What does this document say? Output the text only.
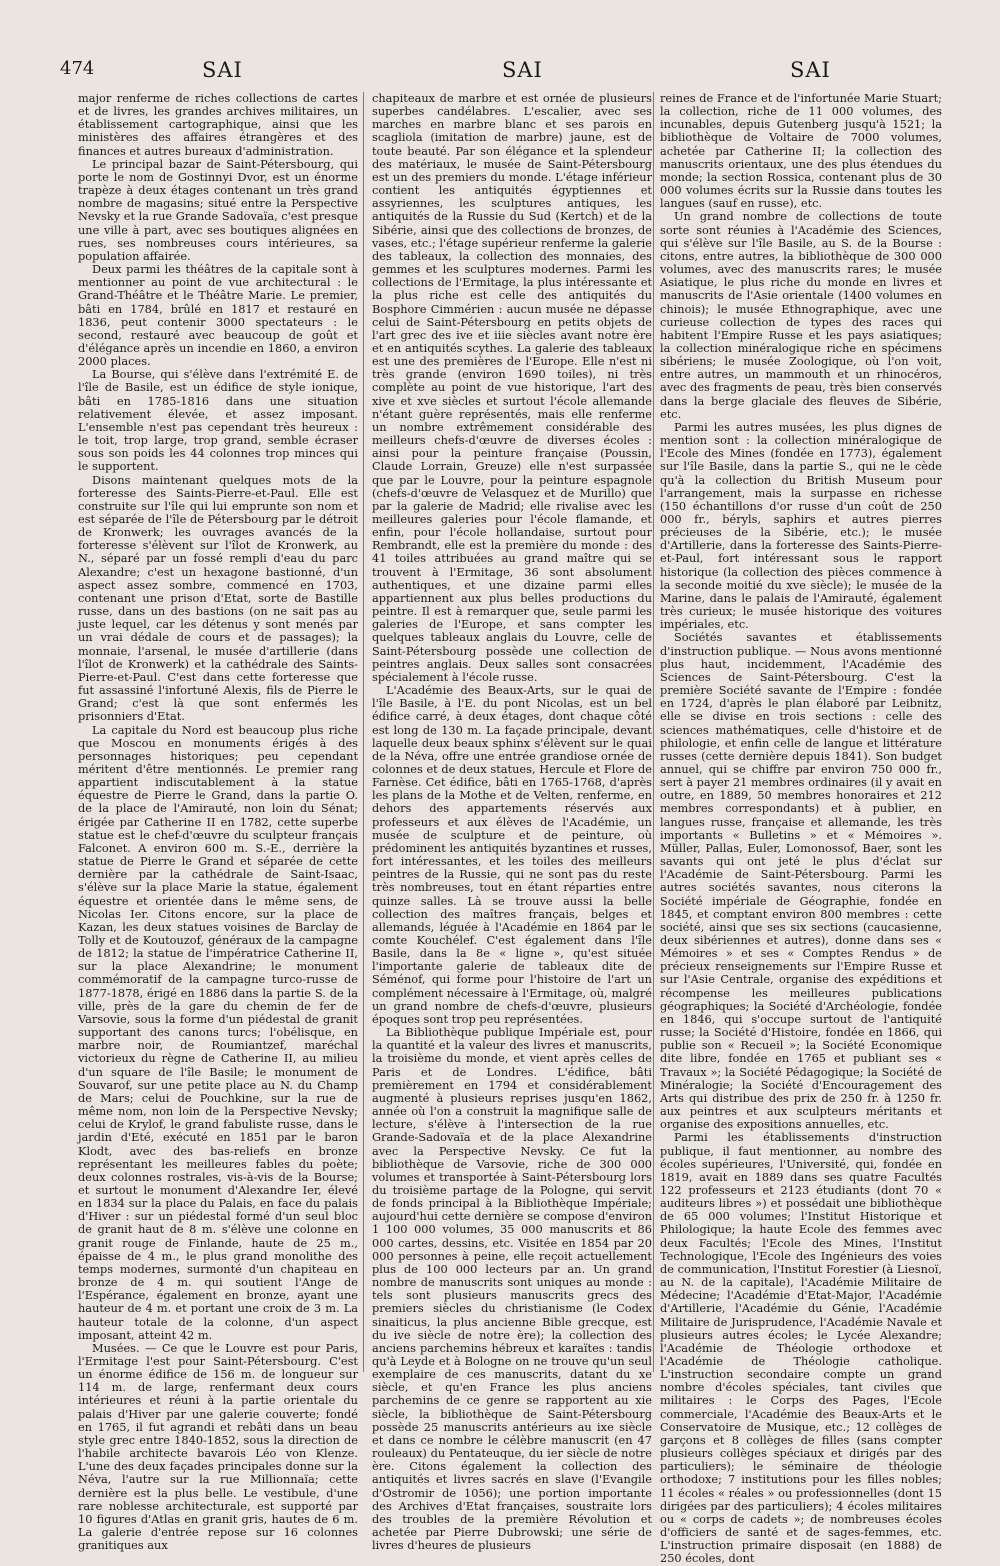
474	SAI	SAI	SAI

major renferme de riches collections de cartes et de livres, les grandes archives militaires, un établissement cartographique, ainsi que les ministères des affaires étrangères et des finances et autres bureaux d'administration.

Le principal bazar de Saint-Pétersbourg, qui porte le nom de Gostinnyi Dvor, est un énorme trapèze à deux étages contenant un très grand nombre de magasins; situé entre la Perspective Nevsky et la rue Grande Sadovaïa, c'est presque une ville à part, avec ses boutiques alignées en rues, ses nombreuses cours intérieures, sa population affairée.

Deux parmi les théâtres de la capitale sont à mentionner au point de vue architectural : le Grand-Théâtre et le Théâtre Marie. Le premier, bâti en 1784, brûlé en 1817 et restauré en 1836, peut contenir 3000 spectateurs : le second, restauré avec beaucoup de goût et d'élégance après un incendie en 1860, a environ 2000 places.

La Bourse, qui s'élève dans l'extrémité E. de l'île de Basile, est un édifice de style ionique, bâti en 1785-1816 dans une situation relativement élevée, et assez imposant. L'ensemble n'est pas cependant très heureux : le toit, trop large, trop grand, semble écraser sous son poids les 44 colonnes trop minces qui le supportent.

Disons maintenant quelques mots de la forteresse des Saints-Pierre-et-Paul. Elle est construite sur l'île qui lui emprunte son nom et est séparée de l'île de Pétersbourg par le détroit de Kronwerk; les ouvrages avancés de la forteresse s'élèvent sur l'îlot de Kronwerk, au N., séparé par un fossé rempli d'eau du parc Alexandre; c'est un hexagone bastionné, d'un aspect assez sombre, commencé en 1703, contenant une prison d'Etat, sorte de Bastille russe, dans un des bastions (on ne sait pas au juste lequel, car les détenus y sont menés par un vrai dédale de cours et de passages); la monnaie, l'arsenal, le musée d'artillerie (dans l'îlot de Kronwerk) et la cathédrale des Saints-Pierre-et-Paul. C'est dans cette forteresse que fut assassiné l'infortuné Alexis, fils de Pierre le Grand; c'est là que sont enfermés les prisonniers d'Etat.

La capitale du Nord est beaucoup plus riche que Moscou en monuments érigés à des personnages historiques; peu cependant méritent d'être mentionnés. Le premier rang appartient indiscutablement à la statue équestre de Pierre le Grand, dans la partie O. de la place de l'Amirauté, non loin du Sénat; érigée par Catherine II en 1782, cette superbe statue est le chef-d'œuvre du sculpteur français Falconet. A environ 600 m. S.-E., derrière la statue de Pierre le Grand et séparée de cette dernière par la cathédrale de Saint-Isaac, s'élève sur la place Marie la statue, également équestre et orientée dans le même sens, de Nicolas Ier. Citons encore, sur la place de Kazan, les deux statues voisines de Barclay de Tolly et de Koutouzof, généraux de la campagne de 1812; la statue de l'impératrice Catherine II, sur la place Alexandrine; le monument commémoratif de la campagne turco-russe de 1877-1878, érigé en 1886 dans la partie S. de la ville, près de la gare du chemin de fer de Varsovie, sous la forme d'un piédestal de granit supportant des canons turcs; l'obélisque, en marbre noir, de Roumiantzef, maréchal victorieux du règne de Catherine II, au milieu d'un square de l'île Basile; le monument de Souvarof, sur une petite place au N. du Champ de Mars; celui de Pouchkine, sur la rue de même nom, non loin de la Perspective Nevsky; celui de Krylof, le grand fabuliste russe, dans le jardin d'Eté, exécuté en 1851 par le baron Klodt, avec des bas-reliefs en bronze représentant les meilleures fables du poète; deux colonnes rostrales, vis-à-vis de la Bourse; et surtout le monument d'Alexandre Ier, élevé en 1834 sur la place du Palais, en face du palais d'Hiver : sur un piédestal formé d'un seul bloc de granit haut de 8 m. s'élève une colonne en granit rouge de Finlande, haute de 25 m., épaisse de 4 m., le plus grand monolithe des temps modernes, surmonté d'un chapiteau en bronze de 4 m. qui soutient l'Ange de l'Espérance, également en bronze, ayant une hauteur de 4 m. et portant une croix de 3 m. La hauteur totale de la colonne, d'un aspect imposant, atteint 42 m.

Musées. — Ce que le Louvre est pour Paris, l'Ermitage l'est pour Saint-Pétersbourg. C'est un énorme édifice de 156 m. de longueur sur 114 m. de large, renfermant deux cours intérieures et réuni à la partie orientale du palais d'Hiver par une galerie couverte; fondé en 1765, il fut agrandi et rebâti dans un beau style grec entre 1840-1852, sous la direction de l'habile architecte bavarois Léo von Klenze. L'une des deux façades principales donne sur la Néva, l'autre sur la rue Millionnaïa; cette dernière est la plus belle. Le vestibule, d'une rare noblesse architecturale, est supporté par 10 figures d'Atlas en granit gris, hautes de 6 m. La galerie d'entrée repose sur 16 colonnes granitiques aux

chapiteaux de marbre et est ornée de plusieurs superbes candélabres. L'escalier, avec ses marches en marbre blanc et ses parois en scagliola (imitation de marbre) jaune, est de toute beauté. Par son élégance et la splendeur des matériaux, le musée de Saint-Pétersbourg est un des premiers du monde. L'étage inférieur contient les antiquités égyptiennes et assyriennes, les sculptures antiques, les antiquités de la Russie du Sud (Kertch) et de la Sibérie, ainsi que des collections de bronzes, de vases, etc.; l'étage supérieur renferme la galerie des tableaux, la collection des monnaies, des gemmes et les sculptures modernes. Parmi les collections de l'Ermitage, la plus intéressante et la plus riche est celle des antiquités du Bosphore Cimmérien : aucun musée ne dépasse celui de Saint-Pétersbourg en petits objets de l'art grec des ive et iiie siècles avant notre ère et en antiquités scythes. La galerie des tableaux est une des premières de l'Europe. Elle n'est ni très grande (environ 1690 toiles), ni très complète au point de vue historique, l'art des xive et xve siècles et surtout l'école allemande n'étant guère représentés, mais elle renferme un nombre extrêmement considérable des meilleurs chefs-d'œuvre de diverses écoles : ainsi pour la peinture française (Poussin, Claude Lorrain, Greuze) elle n'est surpassée que par le Louvre, pour la peinture espagnole (chefs-d'œuvre de Velasquez et de Murillo) que par la galerie de Madrid; elle rivalise avec les meilleures galeries pour l'école flamande, et enfin, pour l'école hollandaise, surtout pour Rembrandt, elle est la première du monde : des 41 toiles attribuées au grand maître qui se trouvent à l'Ermitage, 36 sont absolument authentiques, et une dizaine parmi elles appartiennent aux plus belles productions du peintre. Il est à remarquer que, seule parmi les galeries de l'Europe, et sans compter les quelques tableaux anglais du Louvre, celle de Saint-Pétersbourg possède une collection de peintres anglais. Deux salles sont consacrées spécialement à l'école russe.

L'Académie des Beaux-Arts, sur le quai de l'île Basile, à l'E. du pont Nicolas, est un bel édifice carré, à deux étages, dont chaque côté est long de 130 m. La façade principale, devant laquelle deux beaux sphinx s'élèvent sur le quai de la Néva, offre une entrée grandiose ornée de colonnes et de deux statues, Hercule et Flore de Farnèse. Cet édifice, bâti en 1765-1768, d'après les plans de la Mothe et de Velten, renferme, en dehors des appartements réservés aux professeurs et aux élèves de l'Académie, un musée de sculpture et de peinture, où prédominent les antiquités byzantines et russes, fort intéressantes, et les toiles des meilleurs peintres de la Russie, qui ne sont pas du reste très nombreuses, tout en étant réparties entre quinze salles. Là se trouve aussi la belle collection des maîtres français, belges et allemands, léguée à l'Académie en 1864 par le comte Kouchélef. C'est également dans l'île Basile, dans la 8e « ligne », qu'est située l'importante galerie de tableaux dite de Séménof, qui forme pour l'histoire de l'art un complément nécessaire à l'Ermitage, où, malgré un grand nombre de chefs-d'œuvre, plusieurs époques sont trop peu représentées.

La Bibliothèque publique Impériale est, pour la quantité et la valeur des livres et manuscrits, la troisième du monde, et vient après celles de Paris et de Londres. L'édifice, bâti premièrement en 1794 et considérablement augmenté à plusieurs reprises jusqu'en 1862, année où l'on a construit la magnifique salle de lecture, s'élève à l'intersection de la rue Grande-Sadovaïa et de la place Alexandrine avec la Perspective Nevsky. Ce fut la bibliothèque de Varsovie, riche de 300 000 volumes et transportée à Saint-Pétersbourg lors du troisième partage de la Pologne, qui servit de fonds principal à la Bibliothèque Impériale; aujourd'hui cette dernière se compose d'environ 1 100 000 volumes, 35 000 manuscrits et 86 000 cartes, dessins, etc. Visitée en 1854 par 20 000 personnes à peine, elle reçoit actuellement plus de 100 000 lecteurs par an. Un grand nombre de manuscrits sont uniques au monde : tels sont plusieurs manuscrits grecs des premiers siècles du christianisme (le Codex sinaiticus, la plus ancienne Bible grecque, est du ive siècle de notre ère); la collection des anciens parchemins hébreux et karaïtes : tandis qu'à Leyde et à Bologne on ne trouve qu'un seul exemplaire de ces manuscrits, datant du xe siècle, et qu'en France les plus anciens parchemins de ce genre se rapportent au xie siècle, la bibliothèque de Saint-Pétersbourg possède 25 manuscrits antérieurs au ixe siècle et dans ce nombre le célèbre manuscrit (en 47 rouleaux) du Pentateuque, du ier siècle de notre ère. Citons également la collection des antiquités et livres sacrés en slave (l'Evangile d'Ostromir de 1056); une portion importante des Archives d'Etat françaises, soustraite lors des troubles de la première Révolution et achetée par Pierre Dubrowski; une série de livres d'heures de plusieurs

reines de France et de l'infortunée Marie Stuart; la collection, riche de 11 000 volumes, des incunables, depuis Gutenberg jusqu'à 1521; la bibliothèque de Voltaire de 7000 volumes, achetée par Catherine II; la collection des manuscrits orientaux, une des plus étendues du monde; la section Rossica, contenant plus de 30 000 volumes écrits sur la Russie dans toutes les langues (sauf en russe), etc.

Un grand nombre de collections de toute sorte sont réunies à l'Académie des Sciences, qui s'élève sur l'île Basile, au S. de la Bourse : citons, entre autres, la bibliothèque de 300 000 volumes, avec des manuscrits rares; le musée Asiatique, le plus riche du monde en livres et manuscrits de l'Asie orientale (1400 volumes en chinois); le musée Ethnographique, avec une curieuse collection de types des races qui habitent l'Empire Russe et les pays asiatiques; la collection minéralogique riche en spécimens sibériens; le musée Zoologique, où l'on voit, entre autres, un mammouth et un rhinocéros, avec des fragments de peau, très bien conservés dans la berge glaciale des fleuves de Sibérie, etc.

Parmi les autres musées, les plus dignes de mention sont : la collection minéralogique de l'Ecole des Mines (fondée en 1773), également sur l'île Basile, dans la partie S., qui ne le cède qu'à la collection du British Museum pour l'arrangement, mais la surpasse en richesse (150 échantillons d'or russe d'un coût de 250 000 fr., béryls, saphirs et autres pierres précieuses de la Sibérie, etc.); le musée d'Artillerie, dans la forteresse des Saints-Pierre-et-Paul, fort intéressant sous le rapport historique (la collection des pièces commence à la seconde moitié du xve siècle); le musée de la Marine, dans le palais de l'Amirauté, également très curieux; le musée historique des voitures impériales, etc.

Sociétés savantes et établissements d'instruction publique. — Nous avons mentionné plus haut, incidemment, l'Académie des Sciences de Saint-Pétersbourg. C'est la première Société savante de l'Empire : fondée en 1724, d'après le plan élaboré par Leibnitz, elle se divise en trois sections : celle des sciences mathématiques, celle d'histoire et de philologie, et enfin celle de langue et littérature russes (cette dernière depuis 1841). Son budget annuel, qui se chiffre par environ 750 000 fr., sert à payer 21 membres ordinaires (il y avait en outre, en 1889, 50 membres honoraires et 212 membres correspondants) et à publier, en langues russe, française et allemande, les très importants « Bulletins » et « Mémoires ». Müller, Pallas, Euler, Lomonossof, Baer, sont les savants qui ont jeté le plus d'éclat sur l'Académie de Saint-Pétersbourg. Parmi les autres sociétés savantes, nous citerons la Société impériale de Géographie, fondée en 1845, et comptant environ 800 membres : cette société, ainsi que ses six sections (caucasienne, deux sibériennes et autres), donne dans ses « Mémoires » et ses « Comptes Rendus » de précieux renseignements sur l'Empire Russe et sur l'Asie Centrale, organise des expéditions et récompense les meilleures publications géographiques; la Société d'Archéologie, fondée en 1846, qui s'occupe surtout de l'antiquité russe; la Société d'Histoire, fondée en 1866, qui publie son « Recueil »; la Société Economique dite libre, fondée en 1765 et publiant ses « Travaux »; la Société Pédagogique; la Société de Minéralogie; la Société d'Encouragement des Arts qui distribue des prix de 250 fr. à 1250 fr. aux peintres et aux sculpteurs méritants et organise des expositions annuelles, etc.

Parmi les établissements d'instruction publique, il faut mentionner, au nombre des écoles supérieures, l'Université, qui, fondée en 1819, avait en 1889 dans ses quatre Facultés 122 professeurs et 2123 étudiants (dont 70 « auditeurs libres ») et possédait une bibliothèque de 65 000 volumes; l'Institut Historique et Philologique; la haute Ecole des femmes avec deux Facultés; l'Ecole des Mines, l'Institut Technologique, l'Ecole des Ingénieurs des voies de communication, l'Institut Forestier (à Liesnoï, au N. de la capitale), l'Académie Militaire de Médecine; l'Académie d'Etat-Major, l'Académie d'Artillerie, l'Académie du Génie, l'Académie Militaire de Jurisprudence, l'Académie Navale et plusieurs autres écoles; le Lycée Alexandre; l'Académie de Théologie orthodoxe et l'Académie de Théologie catholique. L'instruction secondaire compte un grand nombre d'écoles spéciales, tant civiles que militaires : le Corps des Pages, l'Ecole commerciale, l'Académie des Beaux-Arts et le Conservatoire de Musique, etc.; 12 collèges de garçons et 8 collèges de filles (sans compter plusieurs collèges spéciaux et dirigés par des particuliers); le séminaire de théologie orthodoxe; 7 institutions pour les filles nobles; 11 écoles « réales » ou professionnelles (dont 15 dirigées par des particuliers); 4 écoles militaires ou « corps de cadets »; de nombreuses écoles d'officiers de santé et de sages-femmes, etc. L'instruction primaire disposait (en 1888) de 250 écoles, dont
